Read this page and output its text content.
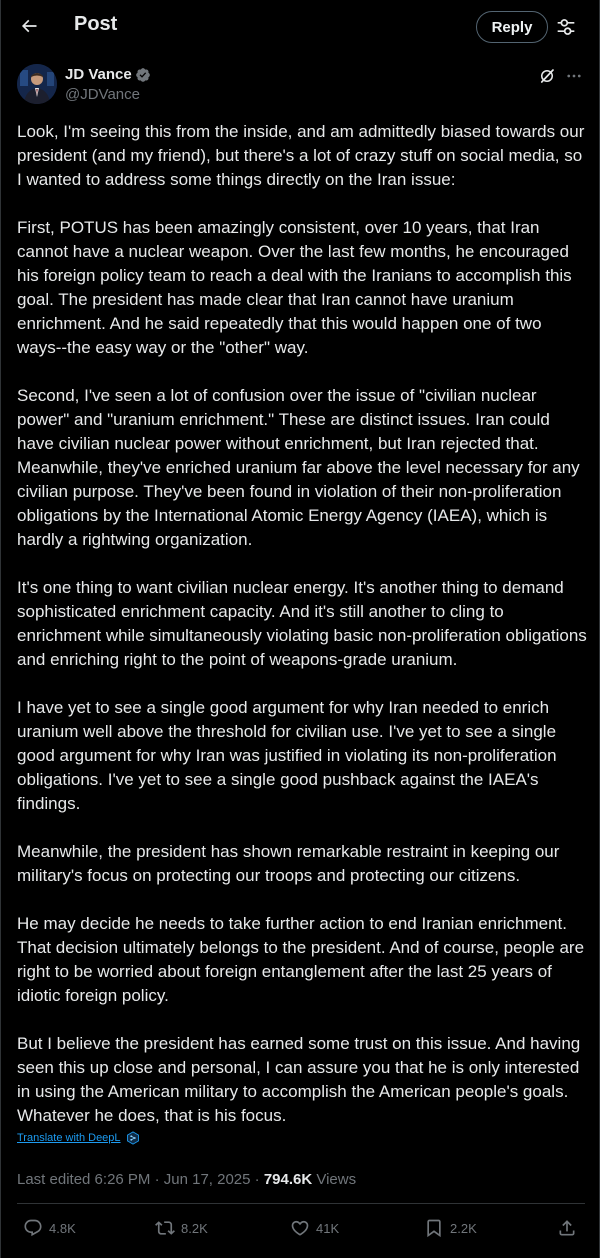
Post	Reply
JD Vance
@JDVance

Look, I'm seeing this from the inside, and am admittedly biased towards our president (and my friend), but there's a lot of crazy stuff on social media, so I wanted to address some things directly on the Iran issue:

First, POTUS has been amazingly consistent, over 10 years, that Iran cannot have a nuclear weapon. Over the last few months, he encouraged his foreign policy team to reach a deal with the Iranians to accomplish this goal. The president has made clear that Iran cannot have uranium enrichment. And he said repeatedly that this would happen one of two ways--the easy way or the "other" way.

Second, I've seen a lot of confusion over the issue of "civilian nuclear power" and "uranium enrichment." These are distinct issues. Iran could have civilian nuclear power without enrichment, but Iran rejected that. Meanwhile, they've enriched uranium far above the level necessary for any civilian purpose. They've been found in violation of their non-proliferation obligations by the International Atomic Energy Agency (IAEA), which is hardly a rightwing organization.

It's one thing to want civilian nuclear energy. It's another thing to demand sophisticated enrichment capacity. And it's still another to cling to enrichment while simultaneously violating basic non-proliferation obligations and enriching right to the point of weapons-grade uranium.

I have yet to see a single good argument for why Iran needed to enrich uranium well above the threshold for civilian use. I've yet to see a single good argument for why Iran was justified in violating its non-proliferation obligations. I've yet to see a single good pushback against the IAEA's findings.

Meanwhile, the president has shown remarkable restraint in keeping our military's focus on protecting our troops and protecting our citizens.

He may decide he needs to take further action to end Iranian enrichment. That decision ultimately belongs to the president. And of course, people are right to be worried about foreign entanglement after the last 25 years of idiotic foreign policy.

But I believe the president has earned some trust on this issue. And having seen this up close and personal, I can assure you that he is only interested in using the American military to accomplish the American people's goals. Whatever he does, that is his focus.

Translate with DeepL
Last edited 6:26 PM · Jun 17, 2025 · 794.6K Views
4.8K	8.2K	41K	2.2K
